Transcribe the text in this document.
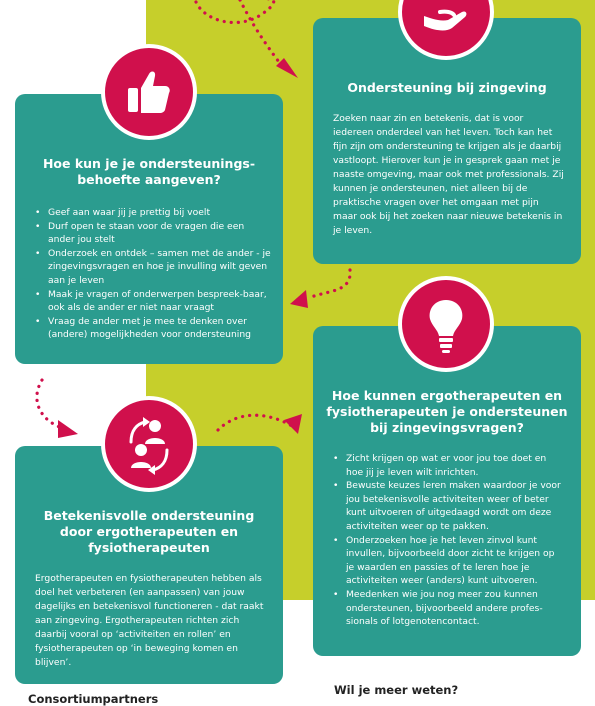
Ondersteuning bij zingeving

Zoeken naar zin en betekenis, dat is voor iedereen onderdeel van het leven. Toch kan het fijn zijn om ondersteuning te krijgen als je daarbij vastloopt. Hierover kun je in gesprek gaan met je naaste omgeving, maar ook met professionals. Zij kunnen je ondersteunen, niet alleen bij de praktische vragen over het omgaan met pijn maar ook bij het zoeken naar nieuwe betekenis in je leven.

Hoe kun je je ondersteunings-
behoefte aangeven?
• Geef aan waar jij je prettig bij voelt
• Durf open te staan voor de vragen die een ander jou stelt
• Onderzoek en ontdek – samen met de ander - je zingevingsvragen en hoe je invulling wilt geven aan je leven
• Maak je vragen of onderwerpen bespreek-baar, ook als de ander er niet naar vraagt
• Vraag de ander met je mee te denken over (andere) mogelijkheden voor ondersteuning
Hoe kunnen ergotherapeuten en
fysiotherapeuten je ondersteunen
bij zingevingsvragen?
• Zicht krijgen op wat er voor jou toe doet en hoe jij je leven wilt inrichten.
• Bewuste keuzes leren maken waardoor je voor jou betekenisvolle activiteiten weer of beter kunt uitvoeren of uitgedaagd wordt om deze activiteiten weer op te pakken.
• Onderzoeken hoe je het leven zinvol kunt invullen, bijvoorbeeld door zicht te krijgen op je waarden en passies of te leren hoe je activiteiten weer (anders) kunt uitvoeren.
• Meedenken wie jou nog meer zou kunnen ondersteunen, bijvoorbeeld andere profes-sionals of lotgenotencontact.
Betekenisvolle ondersteuning
door ergotherapeuten en
fysiotherapeuten

Ergotherapeuten en fysiotherapeuten hebben als doel het verbeteren (en aanpassen) van jouw dagelijks en betekenisvol functioneren - dat raakt aan zingeving. Ergotherapeuten richten zich daarbij vooral op ‘activiteiten en rollen’ en fysiotherapeuten op ‘in beweging komen en blijven’.

Consortiumpartners

Wil je meer weten?
